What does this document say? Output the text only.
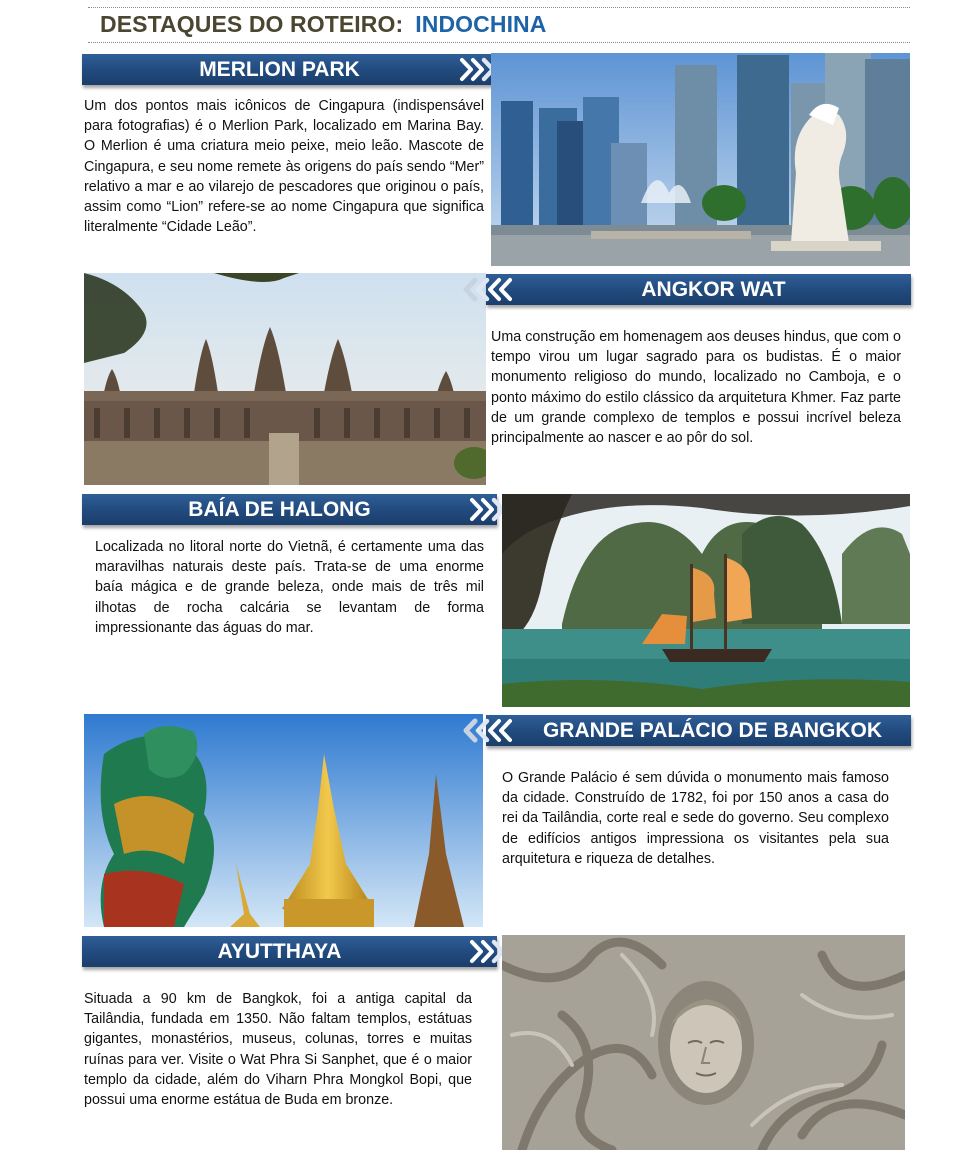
DESTAQUES DO ROTEIRO: INDOCHINA
MERLION PARK

Um dos pontos mais icônicos de Cingapura (indispensável para fotografias) é o Merlion Park, localizado em Marina Bay. O Merlion é uma criatura meio peixe, meio leão. Mascote de Cingapura, e seu nome remete às origens do país sendo “Mer” relativo a mar e ao vilarejo de pescadores que originou o país, assim como “Lion” refere-se ao nome Cingapura que significa literalmente “Cidade Leão”.

ANGKOR WAT

Uma construção em homenagem aos deuses hindus, que com o tempo virou um lugar sagrado para os budistas. É o maior monumento religioso do mundo, localizado no Camboja, e o ponto máximo do estilo clássico da arquitetura Khmer. Faz parte de um grande complexo de templos e possui incrível beleza principalmente ao nascer e ao pôr do sol.

BAÍA DE HALONG

Localizada no litoral norte do Vietnã, é certamente uma das maravilhas naturais deste país. Trata-se de uma enorme baía mágica e de grande beleza, onde mais de três mil ilhotas de rocha calcária se levantam de forma impressionante das águas do mar.

GRANDE PALÁCIO DE BANGKOK

O Grande Palácio é sem dúvida o monumento mais famoso da cidade. Construído de 1782, foi por 150 anos a casa do rei da Tailândia, corte real e sede do governo. Seu complexo de edifícios antigos impressiona os visitantes pela sua arquitetura e riqueza de detalhes.

AYUTTHAYA

Situada a 90 km de Bangkok, foi a antiga capital da Tailândia, fundada em 1350. Não faltam templos, estátuas gigantes, monastérios, museus, colunas, torres e muitas ruínas para ver. Visite o Wat Phra Si Sanphet, que é o maior templo da cidade, além do Viharn Phra Mongkol Bopi, que possui uma enorme estátua de Buda em bronze.
